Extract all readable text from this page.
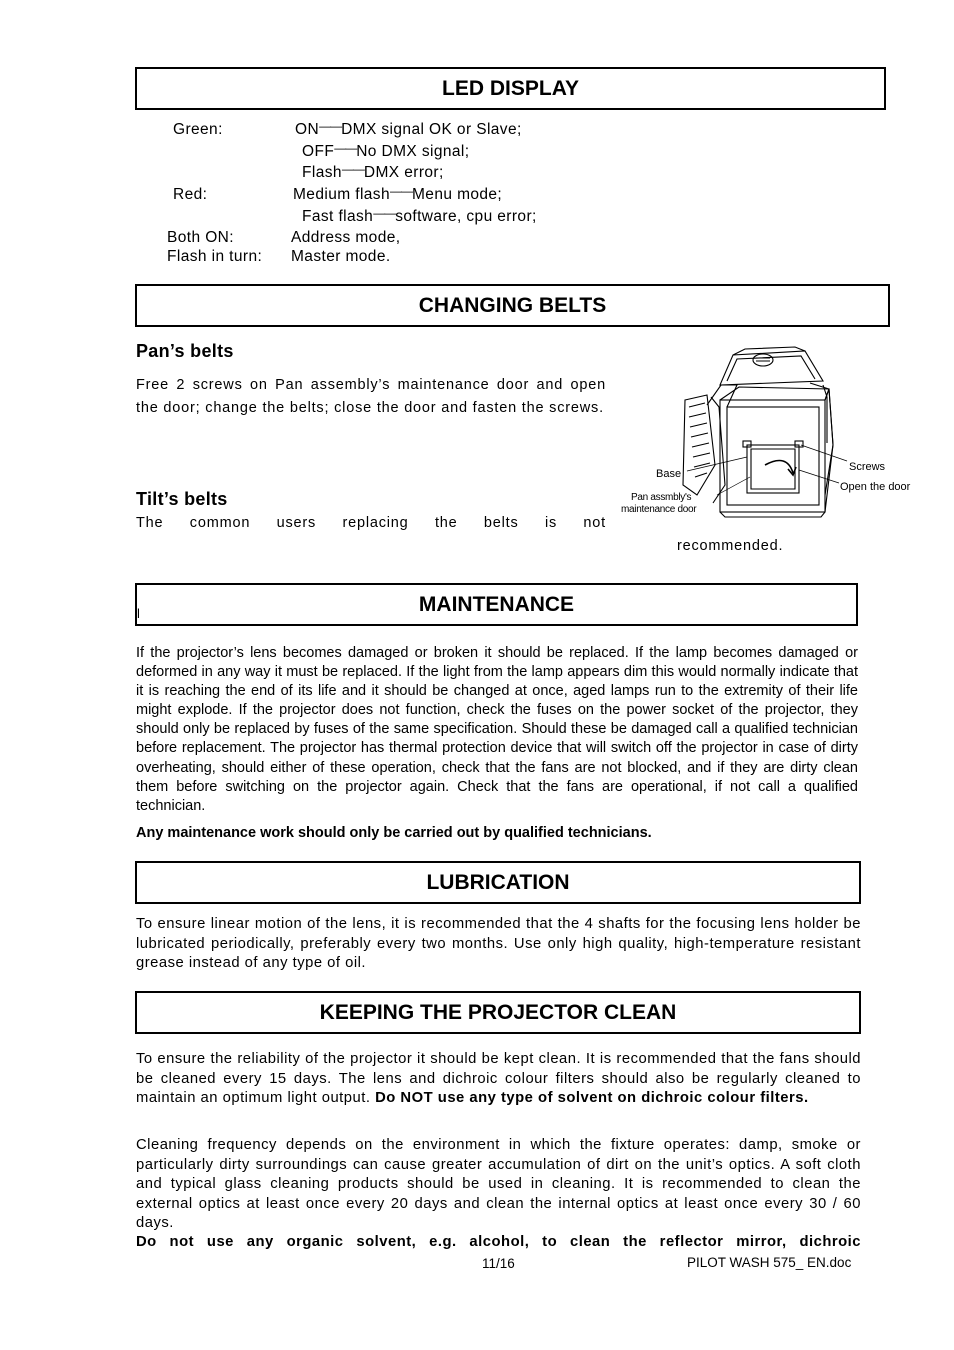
LED DISPLAY
Green:	ON——DMX signal OK or Slave;
OFF——No DMX signal;
Flash——DMX error;
Red:	Medium flash——Menu mode;
Fast flash——software, cpu error;
Both ON:	Address mode,
Flash in turn: Master mode.
CHANGING BELTS
Pan’s belts
Free 2 screws on Pan assembly’s maintenance door and open the door; change the belts; close the door and fasten the screws.
Tilt’s belts
The common users replacing the belts is not
recommended.
Base
Pan assmbly's
maintenance door
Screws
Open the door
MAINTENANCE
l
If the projector’s lens becomes damaged or broken it should be replaced. If the lamp becomes damaged or deformed in any way it must be replaced. If the light from the lamp appears dim this would normally indicate that it is reaching the end of its life and it should be changed at once, aged lamps run to the extremity of their life might explode. If the projector does not function, check the fuses on the power socket of the projector, they should only be replaced by fuses of the same specification. Should these be damaged call a qualified technician before replacement. The projector has thermal protection device that will switch off the projector in case of dirty overheating, should either of these operation, check that the fans are not blocked, and if they are dirty clean them before switching on the projector again. Check that the fans are operational, if not call a qualified technician.
Any maintenance work should only be carried out by qualified technicians.
LUBRICATION
To ensure linear motion of the lens, it is recommended that the 4 shafts for the focusing lens holder be lubricated periodically, preferably every two months. Use only high quality, high-temperature resistant grease instead of any type of oil.
KEEPING THE PROJECTOR CLEAN
To ensure the reliability of the projector it should be kept clean. It is recommended that the fans should be cleaned every 15 days. The lens and dichroic colour filters should also be regularly cleaned to maintain an optimum light output. Do NOT use any type of solvent on dichroic colour filters.
Cleaning frequency depends on the environment in which the fixture operates: damp, smoke or particularly dirty surroundings can cause greater accumulation of dirt on the unit’s optics. A soft cloth and typical glass cleaning products should be used in cleaning. It is recommended to clean the external optics at least once every 20 days and clean the internal optics at least once every 30 / 60 days.
Do not use any organic solvent, e.g. alcohol, to clean the reflector mirror, dichroic
11/16	PILOT WASH 575_ EN.doc
